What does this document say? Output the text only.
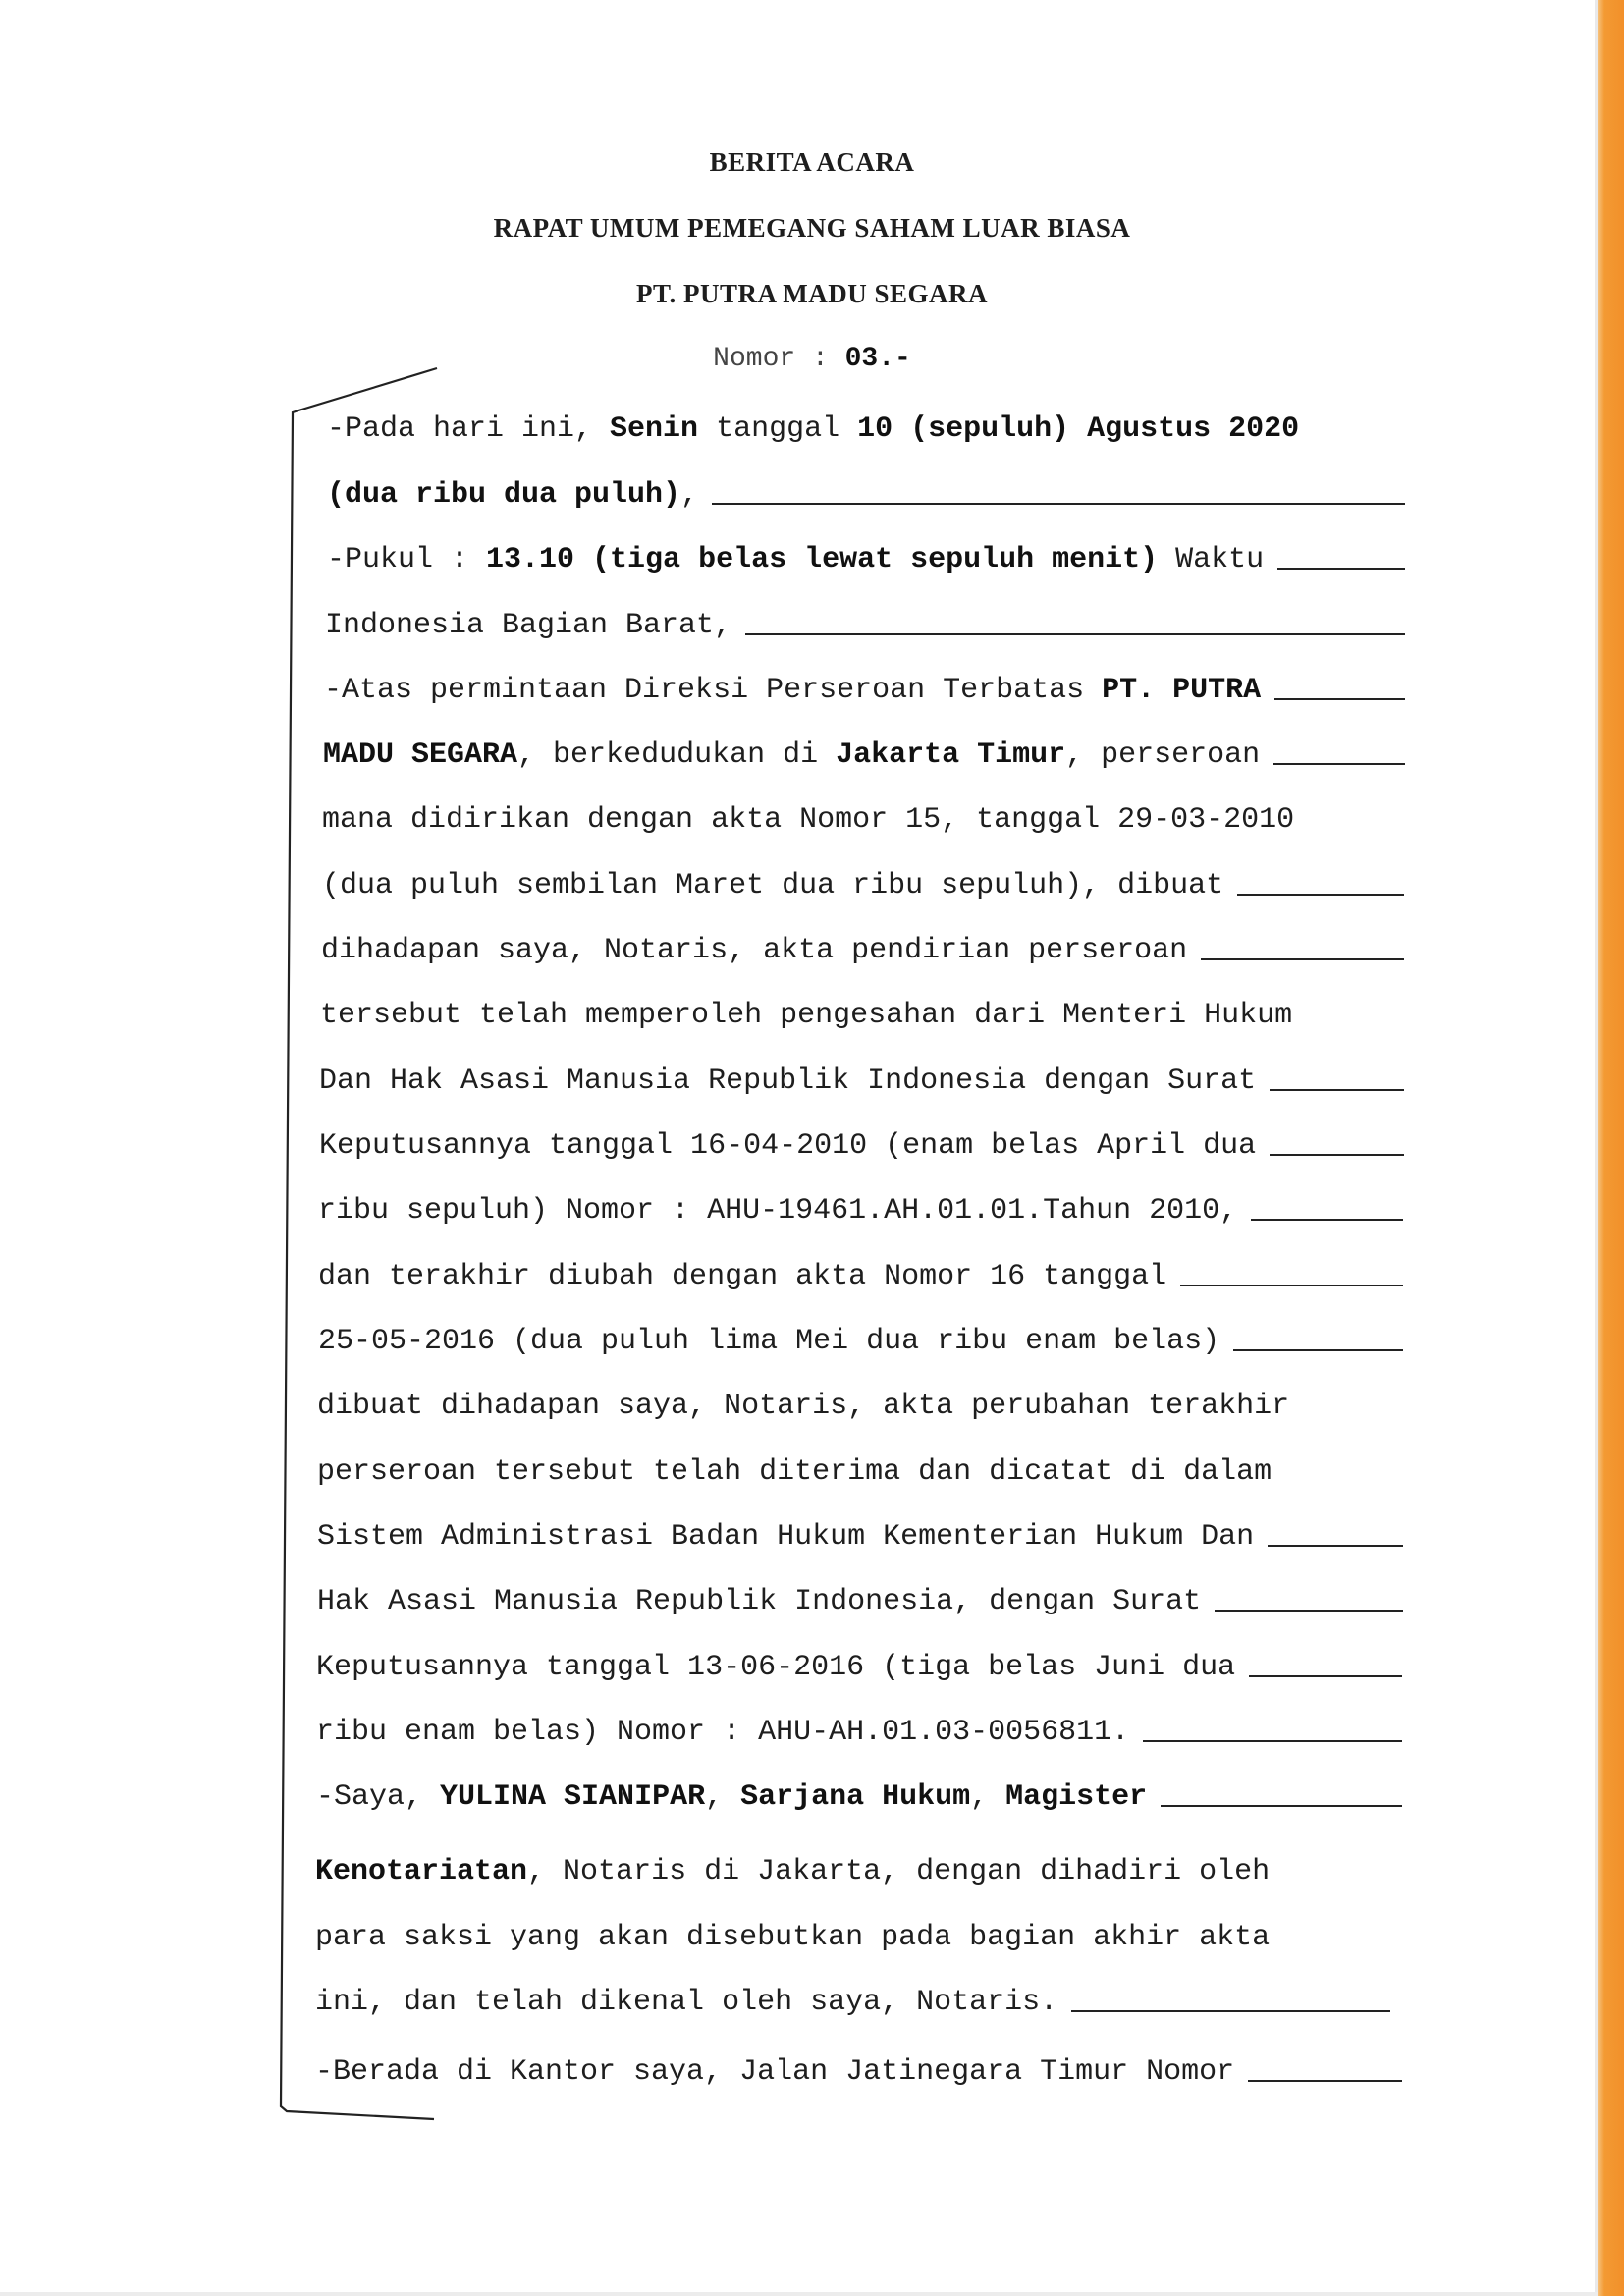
BERITA ACARA
RAPAT UMUM PEMEGANG SAHAM LUAR BIASA
PT. PUTRA MADU SEGARA
Nomor : 03.-
-Pada hari ini, Senin tanggal 10 (sepuluh) Agustus 2020
(dua ribu dua puluh) ,
-Pukul : 13.10 (tiga belas lewat sepuluh menit) Waktu
Indonesia Bagian Barat,
-Atas permintaan Direksi Perseroan Terbatas PT. PUTRA
MADU SEGARA , berkedudukan di Jakarta Timur , perseroan
mana didirikan dengan akta Nomor 15, tanggal 29-03-2010
(dua puluh sembilan Maret dua ribu sepuluh), dibuat
dihadapan saya, Notaris, akta pendirian perseroan
tersebut telah memperoleh pengesahan dari Menteri Hukum
Dan Hak Asasi Manusia Republik Indonesia dengan Surat
Keputusannya tanggal 16-04-2010 (enam belas April dua
ribu sepuluh) Nomor : AHU-19461.AH.01.01.Tahun 2010,
dan terakhir diubah dengan akta Nomor 16 tanggal
25-05-2016 (dua puluh lima Mei dua ribu enam belas)
dibuat dihadapan saya, Notaris, akta perubahan terakhir
perseroan tersebut telah diterima dan dicatat di dalam
Sistem Administrasi Badan Hukum Kementerian Hukum Dan
Hak Asasi Manusia Republik Indonesia, dengan Surat
Keputusannya tanggal 13-06-2016 (tiga belas Juni dua
ribu enam belas) Nomor : AHU-AH.01.03-0056811.
-Saya, YULINA SIANIPAR , Sarjana Hukum , Magister
Kenotariatan , Notaris di Jakarta, dengan dihadiri oleh
para saksi yang akan disebutkan pada bagian akhir akta
ini, dan telah dikenal oleh saya, Notaris.
-Berada di Kantor saya, Jalan Jatinegara Timur Nomor
